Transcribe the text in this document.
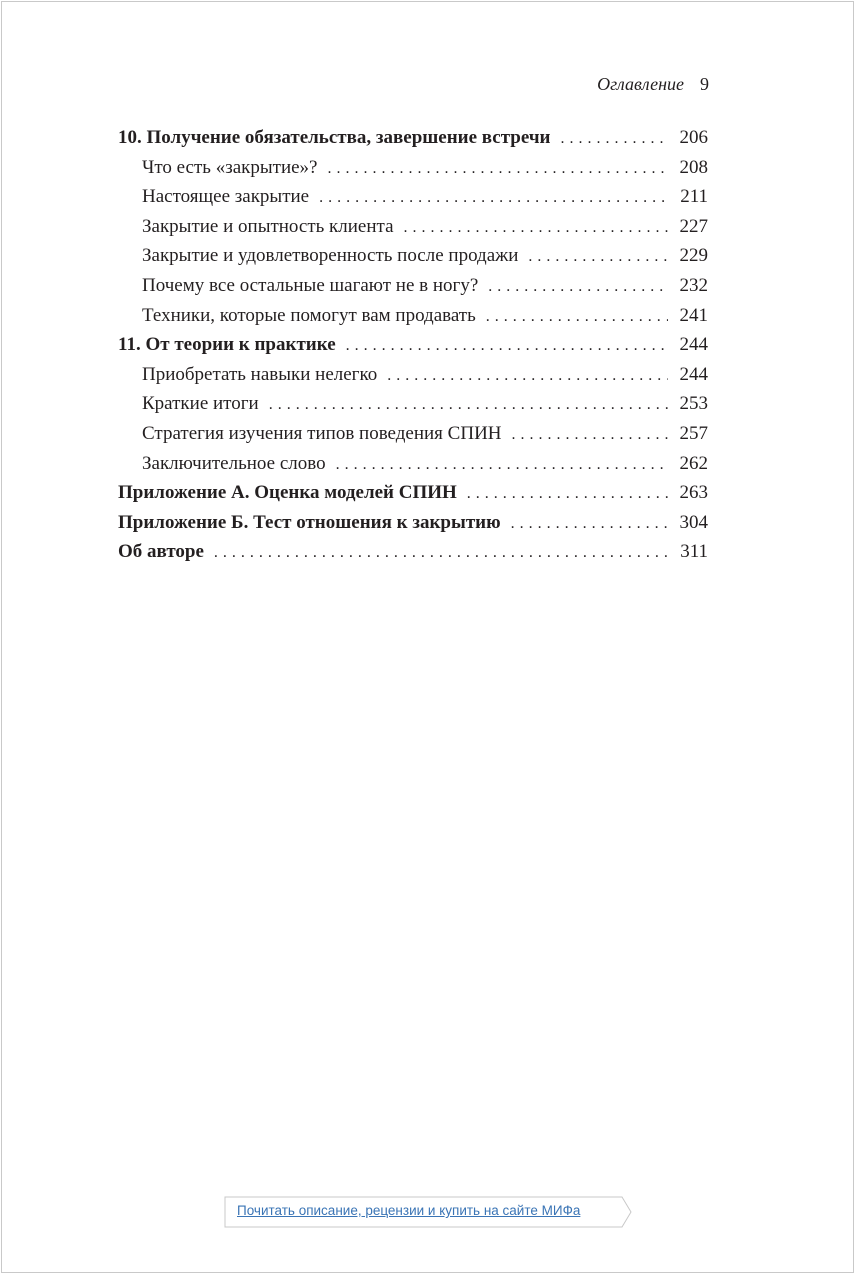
Оглавление 9
10. Получение обязательства, завершение встречи . . .	206
Что есть «закрытие»? . . .	208
Настоящее закрытие . . .	211
Закрытие и опытность клиента . . .	227
Закрытие и удовлетворенность после продажи . . .	229
Почему все остальные шагают не в ногу? . . .	232
Техники, которые помогут вам продавать . . .	241
11. От теории к практике . . .	244
Приобретать навыки нелегко . . .	244
Краткие итоги . . .	253
Стратегия изучения типов поведения СПИН . . .	257
Заключительное слово . . .	262
Приложение А. Оценка моделей СПИН . . .	263
Приложение Б. Тест отношения к закрытию . . .	304
Об авторе . . .	311
Почитать описание, рецензии и купить на сайте МИФа
